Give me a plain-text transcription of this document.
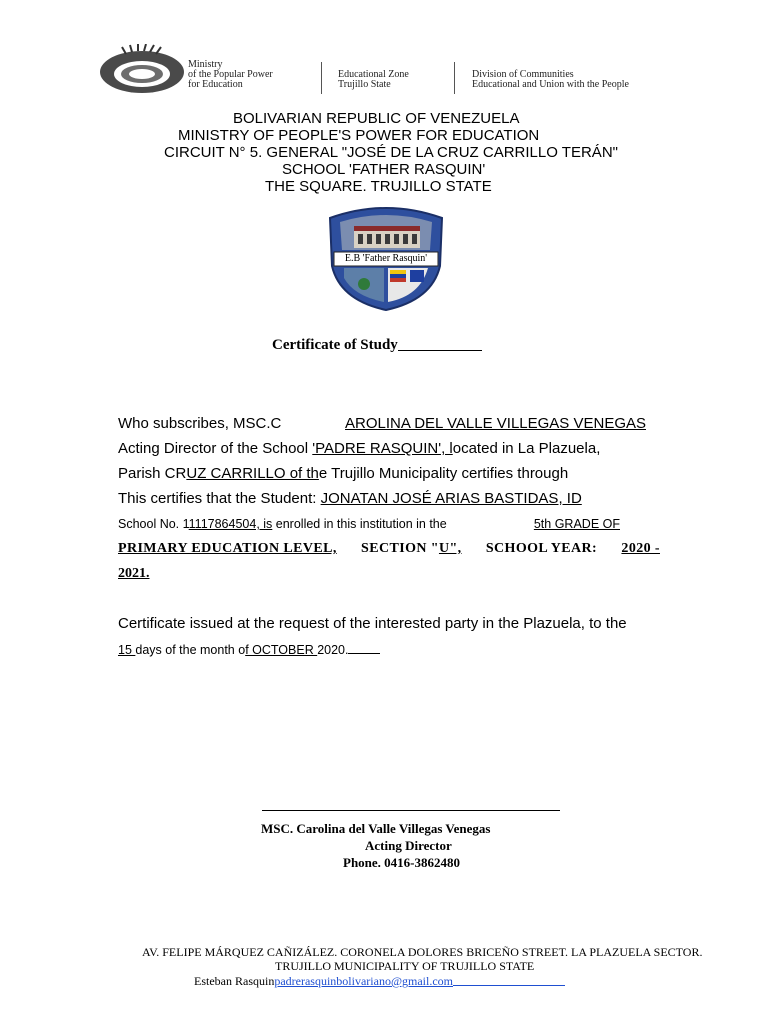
Ministry
of the Popular Power
for Education
Educational Zone
Trujillo State
Division of Communities
Educational and Union with the People
BOLIVARIAN REPUBLIC OF VENEZUELA
MINISTRY OF PEOPLE'S POWER FOR EDUCATION
CIRCUIT N° 5. GENERAL "JOSÉ DE LA CRUZ CARRILLO TERÁN"
SCHOOL 'FATHER RASQUIN'
THE SQUARE. TRUJILLO STATE
E.B 'Father Rasquin'
Certificate of Study
Who subscribes, MSC.C	AROLINA DEL VALLE VILLEGAS VENEGAS
Acting Director of the School 'PADRE RASQUIN', located in La Plazuela,
Parish CRUZ CARRILLO of the Trujillo Municipality certifies through
This certifies that the Student: JONATAN JOSÉ ARIAS BASTIDAS, ID
School No. 11117864504, is enrolled in this institution in the	5th GRADE OF
PRIMARY EDUCATION LEVEL, SECTION "U", SCHOOL YEAR: 2020 -
2021.
Certificate issued at the request of the interested party in the Plazuela, to the
15 days of the month of OCTOBER 2020.
MSC. Carolina del Valle Villegas Venegas
Acting Director
Phone. 0416-3862480
AV. FELIPE MÁRQUEZ CAÑIZÁLEZ. CORONELA DOLORES BRICEÑO STREET. LA PLAZUELA SECTOR.
TRUJILLO MUNICIPALITY OF TRUJILLO STATE
Esteban Rasquinpadrerasquinbolivariano@gmail.com
